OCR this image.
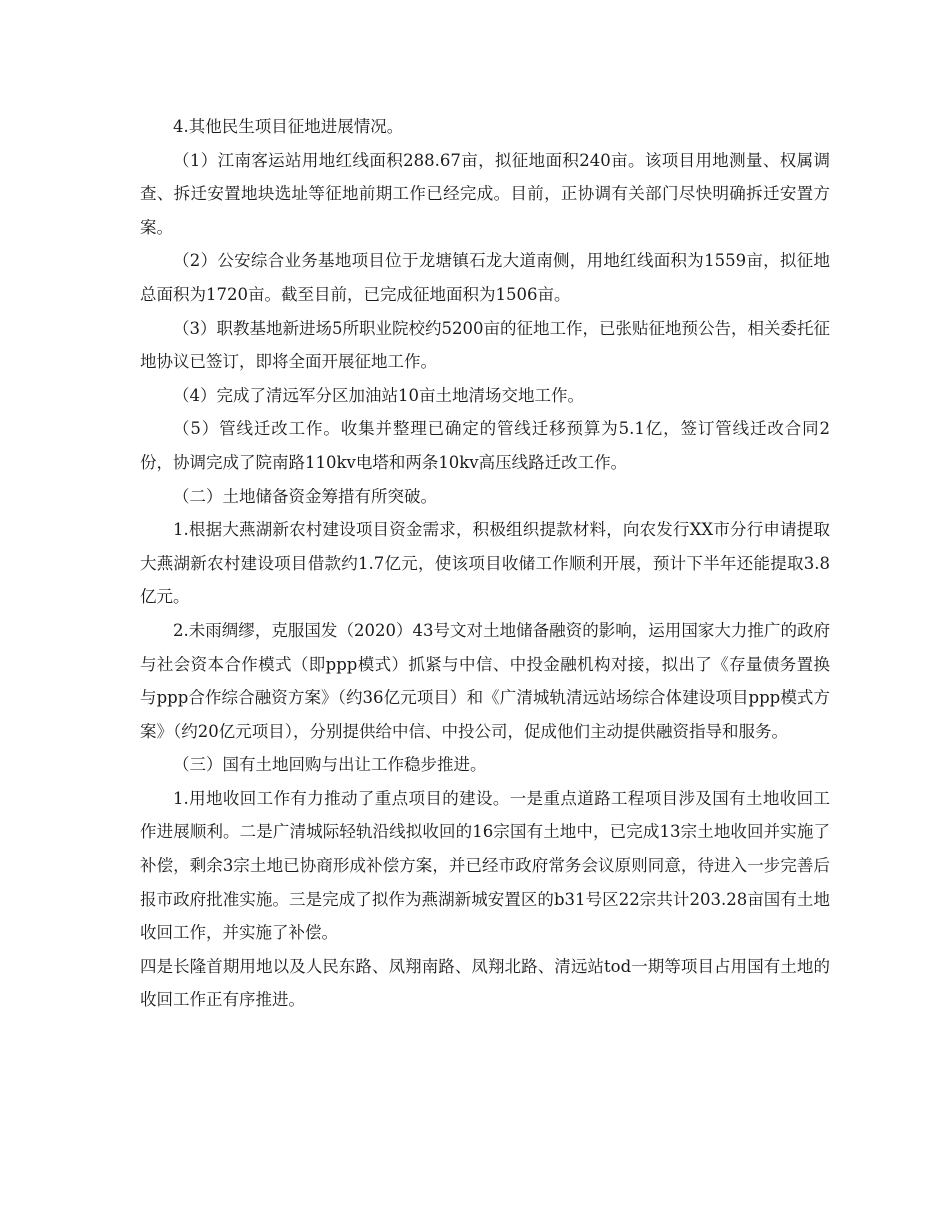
4.其他民生项目征地进展情况。

（1）江南客运站用地红线面积288.67亩，拟征地面积240亩。该项目用地测量、权属调查、拆迁安置地块选址等征地前期工作已经完成。目前，正协调有关部门尽快明确拆迁安置方案。

（2）公安综合业务基地项目位于龙塘镇石龙大道南侧，用地红线面积为1559亩，拟征地总面积为1720亩。截至目前，已完成征地面积为1506亩。

（3）职教基地新进场5所职业院校约5200亩的征地工作，已张贴征地预公告，相关委托征地协议已签订，即将全面开展征地工作。

（4）完成了清远军分区加油站10亩土地清场交地工作。

（5）管线迁改工作。收集并整理已确定的管线迁移预算为5.1亿，签订管线迁改合同2份，协调完成了院南路110kv电塔和两条10kv高压线路迁改工作。

（二）土地储备资金筹措有所突破。

1.根据大燕湖新农村建设项目资金需求，积极组织提款材料，向农发行XX市分行申请提取大燕湖新农村建设项目借款约1.7亿元，使该项目收储工作顺利开展，预计下半年还能提取3.8亿元。

2.未雨绸缪，克服国发（2020）43号文对土地储备融资的影响，运用国家大力推广的政府与社会资本合作模式（即ppp模式）抓紧与中信、中投金融机构对接，拟出了《存量债务置换与ppp合作综合融资方案》（约36亿元项目）和《广清城轨清远站场综合体建设项目ppp模式方案》（约20亿元项目），分别提供给中信、中投公司，促成他们主动提供融资指导和服务。

（三）国有土地回购与出让工作稳步推进。

1.用地收回工作有力推动了重点项目的建设。一是重点道路工程项目涉及国有土地收回工作进展顺利。二是广清城际轻轨沿线拟收回的16宗国有土地中，已完成13宗土地收回并实施了补偿，剩余3宗土地已协商形成补偿方案，并已经市政府常务会议原则同意，待进入一步完善后报市政府批准实施。三是完成了拟作为燕湖新城安置区的b31号区22宗共计203.28亩国有土地收回工作，并实施了补偿。

四是长隆首期用地以及人民东路、凤翔南路、凤翔北路、清远站tod一期等项目占用国有土地的收回工作正有序推进。
